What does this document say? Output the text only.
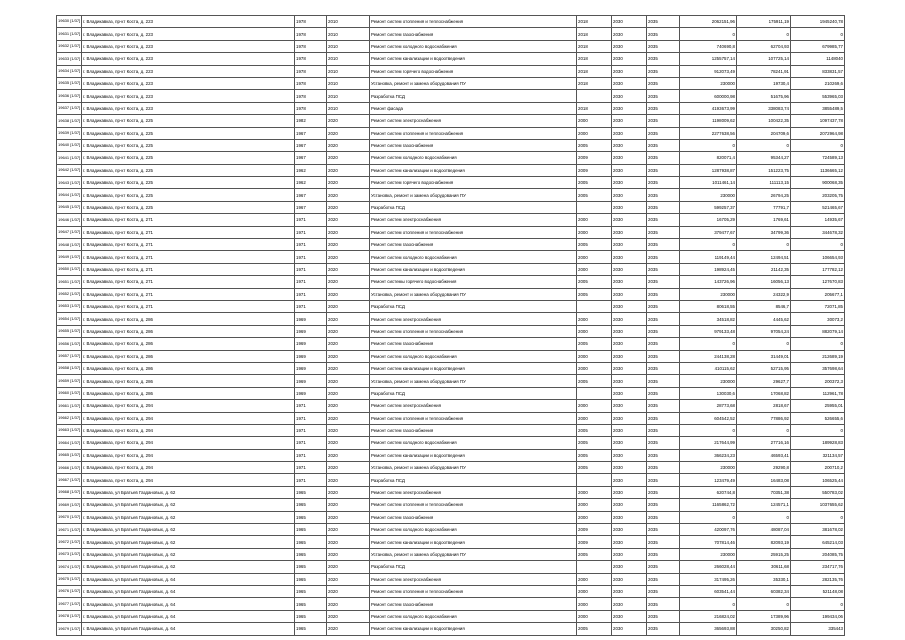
19630 [1/37]	г. Владикавказ, пр-кт Коста, д. 223	1978	2010	Ремонт систем отопления и теплоснабжения	2018	2030	2035	2062151,96	175911,19	1945240,78
19631 [1/37]	г. Владикавказ, пр-кт Коста, д. 223	1978	2010	Ремонт систем газоснабжения	2018	2030	2035	0	0	0
19632 [1/37]	г. Владикавказ, пр-кт Коста, д. 223	1978	2010	Ремонт систем холодного водоснабжения	2018	2030	2035	740690,8	62704,93	679985,77
19633 [1/37]	г. Владикавказ, пр-кт Коста, д. 223	1978	2010	Ремонт систем канализации и водоотведения	2018	2030	2035	1255757,14	107725,14	1148040
19634 [1/37]	г. Владикавказ, пр-кт Коста, д. 223	1978	2010	Ремонт систем горячего водоснабжения	2018	2030	2035	912073,49	78241,91	833831,57
19635 [1/37]	г. Владикавказ, пр-кт Коста, д. 223	1978	2010	Установка, ремонт и замена оборудования ПУ	2018	2030	2035	230000	19730,4	210269,6
19636 [1/37]	г. Владикавказ, пр-кт Коста, д. 223	1978	2010	Разработка ПСД		2030	2035	600000,98	51675,96	553965,03
19637 [1/37]	г. Владикавказ, пр-кт Коста, д. 223	1978	2010	Ремонт фасада	2018	2030	2035	4193673,99	338083,74	3855489,5
19638 [1/37]	г. Владикавказ, пр-кт Коста, д. 225	1982	2020	Ремонт систем электроснабжения	2000	2030	2035	1198009,62	100422,35	1097437,78
19639 [1/37]	г. Владикавказ, пр-кт Коста, д. 225	1967	2020	Ремонт систем отопления и теплоснабжения	2000	2030	2035	2277638,56	204709,6	2072964,98
19640 [1/37]	г. Владикавказ, пр-кт Коста, д. 225	1967	2020	Ремонт систем газоснабжения	2005	2030	2035	0	0	0
19641 [1/37]	г. Владикавказ, пр-кт Коста, д. 225	1967	2020	Ремонт систем холодного водоснабжения	2009	2030	2035	820071,4	95344,27	724589,13
19642 [1/37]	г. Владикавказ, пр-кт Коста, д. 225	1962	2020	Ремонт систем канализации и водоотведения	2009	2030	2035	1287938,87	151223,75	1136665,12
19643 [1/37]	г. Владикавказ, пр-кт Коста, д. 225	1962	2020	Ремонт систем горячего водоснабжения	2005	2030	2035	1011461,14	111113,15	900068,35
19644 [1/37]	г. Владикавказ, пр-кт Коста, д. 225	1967	2020	Установка, ремонт и замена оборудования ПУ	2005	2030	2035	230000	26794,25	203205,75
19645 [1/37]	г. Владикавказ, пр-кт Коста, д. 225	1967	2020	Разработка ПСД		2030	2035	599257,37	77791,7	521465,67
19646 [1/37]	г. Владикавказ, пр-кт Коста, д. 271	1971	2020	Ремонт систем электроснабжения	2000	2030	2035	16705,29	1769,61	14935,67
19647 [1/37]	г. Владикавказ, пр-кт Коста, д. 271	1971	2020	Ремонт систем отопления и теплоснабжения	2000	2030	2035	379477,67	34799,36	344678,32
19648 [1/37]	г. Владикавказ, пр-кт Коста, д. 271	1971	2020	Ремонт систем газоснабжения	2005	2030	2035	0	0	0
19649 [1/37]	г. Владикавказ, пр-кт Коста, д. 271	1971	2020	Ремонт систем холодного водоснабжения	2000	2030	2035	119149,44	12494,51	106654,93
19650 [1/37]	г. Владикавказ, пр-кт Коста, д. 271	1971	2020	Ремонт систем канализации и водоотведения	2000	2030	2035	198924,45	21142,35	177782,12
19651 [1/37]	г. Владикавказ, пр-кт Коста, д. 271	1971	2020	Ремонт системы горячего водоснабжения	2005	2030	2035	143726,96	16056,13	127670,83
19652 [1/37]	г. Владикавказ, пр-кт Коста, д. 271	1971	2020	Установка, ремонт и замена оборудования ПУ	2005	2030	2035	230000	24322,9	205677,1
19653 [1/37]	г. Владикавказ, пр-кт Коста, д. 271	1971	2020	Разработка ПСД		2030	2035	80618,55	8546,7	72071,85
19654 [1/37]	г. Владикавказ, пр-кт Коста, д. 286	1969	2020	Ремонт систем электроснабжения	2000	2030	2035	34518,82	4445,62	30073,2
19655 [1/37]	г. Владикавказ, пр-кт Коста, д. 286	1969	2020	Ремонт систем отопления и теплоснабжения	2000	2030	2035	979133,48	97054,24	882079,14
19656 [1/37]	г. Владикавказ, пр-кт Коста, д. 286	1969	2020	Ремонт систем газоснабжения	2005	2030	2035	0	0	0
19657 [1/37]	г. Владикавказ, пр-кт Коста, д. 286	1969	2020	Ремонт систем холодного водоснабжения	2000	2030	2035	244138,28	31449,01	212689,19
19658 [1/37]	г. Владикавказ, пр-кт Коста, д. 286	1969	2020	Ремонт систем канализации и водоотведения	2000	2030	2035	410115,62	52715,95	357698,64
19659 [1/37]	г. Владикавказ, пр-кт Коста, д. 286	1969	2020	Установка, ремонт и замена оборудования ПУ	2005	2030	2035	230000	29627,7	200372,3
19660 [1/37]	г. Владикавказ, пр-кт Коста, д. 286	1969	2020	Разработка ПСД		2030	2035	130030,6	17068,82	112961,78
19661 [1/37]	г. Владикавказ, пр-кт Коста, д. 294	1971	2020	Ремонт систем электроснабжения	2000	2030	2035	28773,68	2818,67	25955,01
19662 [1/37]	г. Владикавказ, пр-кт Коста, д. 294	1971	2020	Ремонт систем отопления и теплоснабжения	2000	2030	2035	604542,52	77886,92	526655,6
19663 [1/37]	г. Владикавказ, пр-кт Коста, д. 294	1971	2020	Ремонт систем газоснабжения	2005	2030	2035	0	0	0
19664 [1/37]	г. Владикавказ, пр-кт Коста, д. 294	1971	2020	Ремонт систем холодного водоснабжения	2005	2030	2035	217644,99	27716,16	189928,83
19665 [1/37]	г. Владикавказ, пр-кт Коста, д. 294	1971	2020	Ремонт систем канализации и водоотведения	2005	2030	2035	366234,23	46593,41	321134,57
19666 [1/37]	г. Владикавказ, пр-кт Коста, д. 294	1971	2020	Установка, ремонт и замена оборудования ПУ	2005	2030	2035	230000	29290,8	200710,2
19667 [1/37]	г. Владикавказ, пр-кт Коста, д. 294	1971	2020	Разработка ПСД		2030	2035	123479,49	16483,08	106525,44
19668 [1/37]	г. Владикавказ, ул Братьев Газдановых, д. 62	1965	2020	Ремонт систем электроснабжения	2000	2030	2035	620744,8	70351,38	550783,02
19669 [1/37]	г. Владикавказ, ул Братьев Газдановых, д. 62	1965	2020	Ремонт систем отопления и теплоснабжения	2000	2030	2035	1165862,72	124571,1	1037655,62
19670 [1/37]	г. Владикавказ, ул Братьев Газдановых, д. 62	1965	2020	Ремонт систем газоснабжения	2000	2030	2035	0	0	0
19671 [1/37]	г. Владикавказ, ул Братьев Газдановых, д. 62	1965	2020	Ремонт систем холодного водоснабжения	2009	2030	2035	420097,76	48087,04	381678,02
19672 [1/37]	г. Владикавказ, ул Братьев Газдановых, д. 62	1965	2020	Ремонт систем канализации и водоотведения	2009	2030	2035	707814,46	82093,19	645214,03
19673 [1/37]	г. Владикавказ, ул Братьев Газдановых, д. 62	1965	2020	Установка, ремонт и замена оборудования ПУ	2005	2030	2035	230000	25915,25	204085,75
19674 [1/37]	г. Владикавказ, ул Братьев Газдановых, д. 62	1965	2020	Разработка ПСД		2030	2035	266028,44	30611,68	234717,76
19675 [1/37]	г. Владикавказ, ул Братьев Газдановых, д. 64	1965	2020	Ремонт систем электроснабжения	2000	2030	2035	317495,26	35330,1	282135,76
19676 [1/37]	г. Владикавказ, ул Братьев Газдановых, д. 64	1965	2020	Ремонт систем отопления и теплоснабжения	2000	2030	2035	603541,44	60382,34	521148,08
19677 [1/37]	г. Владикавказ, ул Братьев Газдановых, д. 64	1965	2020	Ремонт систем газоснабжения	2000	2030	2035	0	0	0
19678 [1/37]	г. Владикавказ, ул Братьев Газдановых, д. 64	1965	2020	Ремонт систем холодного водоснабжения	2000	2030	2035	216824,02	17389,96	199434,06
19679 [1/37]	г. Владикавказ, ул Братьев Газдановых, д. 64	1965	2020	Ремонт систем канализации и водоотведения	2005	2030	2035	365693,88	30250,82	335443
